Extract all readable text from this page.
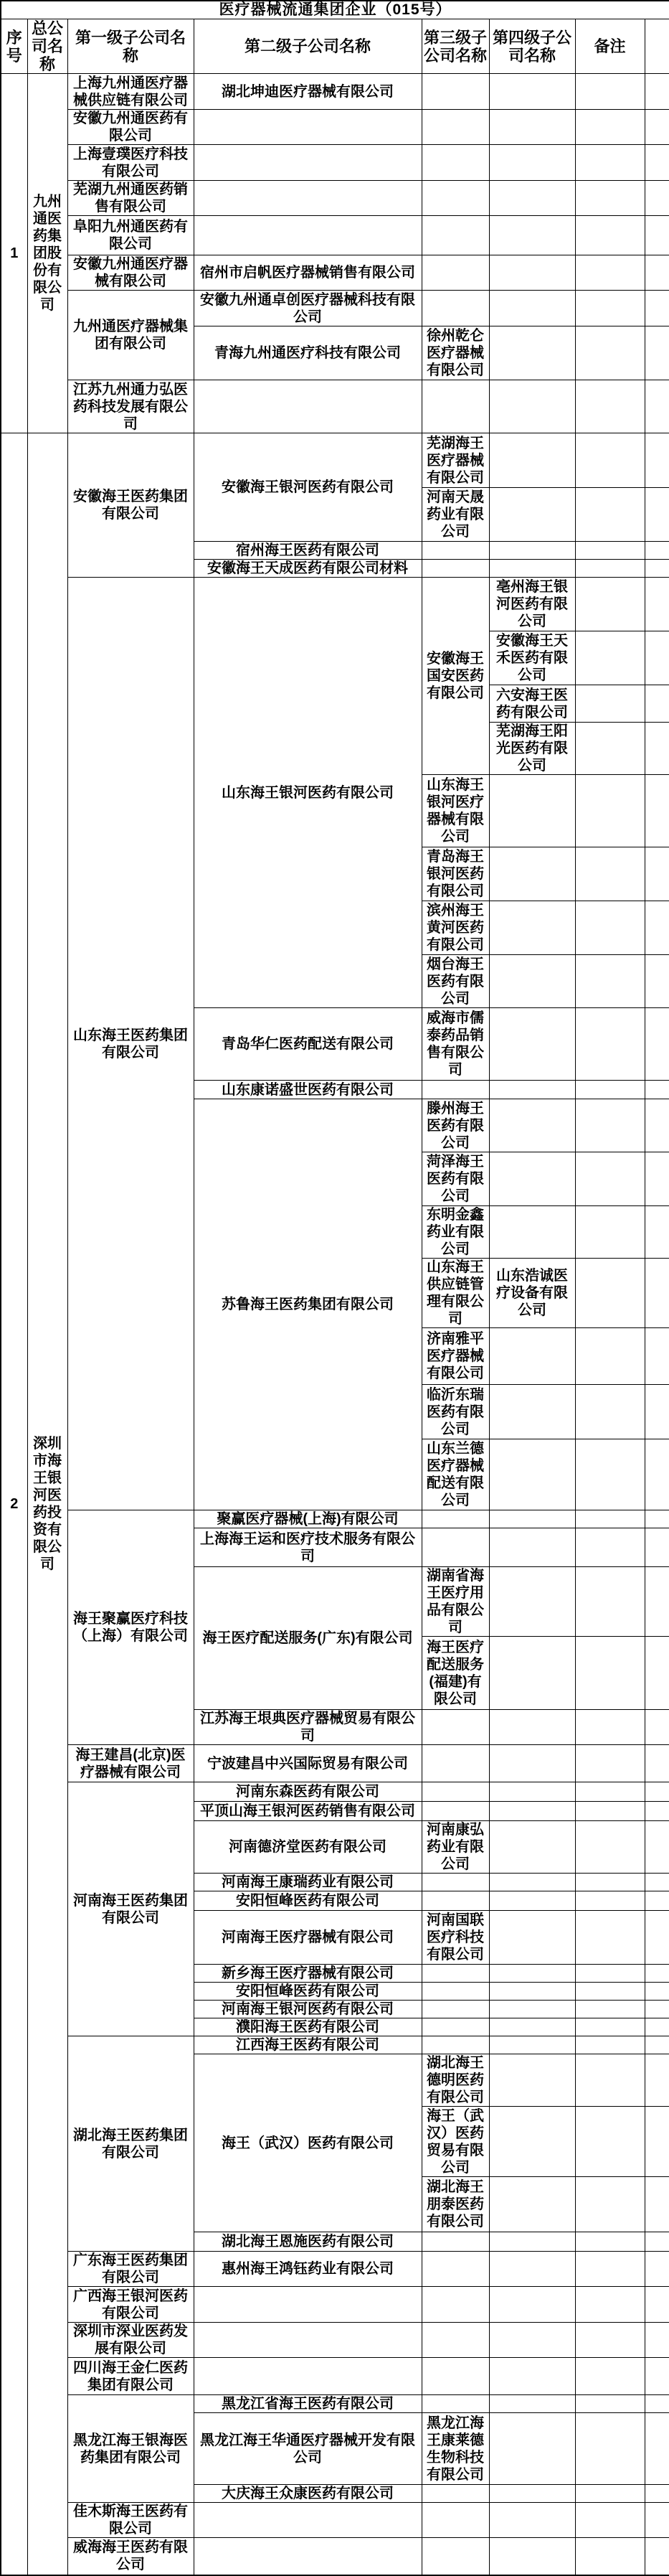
医疗器械流通集团企业（015号）							
序号	总公司名称	第一级子公司名称	第二级子公司名称	第三级子公司名称	第四级子公司名称	备注	
1	九州通医药集团股份有限公司	上海九州通医疗器械供应链有限公司	湖北坤迪医疗器械有限公司				
		安徽九州通医药有限公司					
		上海壹璞医疗科技有限公司					
		芜湖九州通医药销售有限公司					
		阜阳九州通医药有限公司					
		安徽九州通医疗器械有限公司	宿州市启帆医疗器械销售有限公司				
		九州通医疗器械集团有限公司	安徽九州通卓创医疗器械科技有限公司				
			青海九州通医疗科技有限公司	徐州乾仑医疗器械有限公司			
		江苏九州通力弘医药科技发展有限公司					
2	深圳市海王银河医药投资有限公司	安徽海王医药集团有限公司	安徽海王银河医药有限公司	芜湖海王医疗器械有限公司			
				河南天晟药业有限公司			
			宿州海王医药有限公司				
			安徽海王天成医药有限公司材料				
		山东海王医药集团有限公司	山东海王银河医药有限公司	安徽海王国安医药有限公司	亳州海王银河医药有限公司		
					安徽海王天禾医药有限公司		
					六安海王医药有限公司		
					芜湖海王阳光医药有限公司		
				山东海王银河医疗器械有限公司			
				青岛海王银河医药有限公司			
				滨州海王黄河医药有限公司			
				烟台海王医药有限公司			
			青岛华仁医药配送有限公司	威海市儒泰药品销售有限公司			
			山东康诺盛世医药有限公司				
			苏鲁海王医药集团有限公司	滕州海王医药有限公司			
				菏泽海王医药有限公司			
				东明金鑫药业有限公司			
				山东海王供应链管理有限公司	山东浩诚医疗设备有限公司		
				济南雅平医疗器械有限公司			
				临沂东瑞医药有限公司			
				山东兰德医疗器械配送有限公司			
		海王聚赢医疗科技（上海）有限公司	聚赢医疗器械(上海)有限公司				
			上海海王运和医疗技术服务有限公司				
			海王医疗配送服务(广东)有限公司	湖南省海王医疗用品有限公司			
				海王医疗配送服务(福建)有限公司			
			江苏海王垠典医疗器械贸易有限公司				
		海王建昌(北京)医疗器械有限公司	宁波建昌中兴国际贸易有限公司				
		河南海王医药集团有限公司	河南东森医药有限公司				
			平顶山海王银河医药销售有限公司				
			河南德济堂医药有限公司	河南康弘药业有限公司			
			河南海王康瑞药业有限公司				
			安阳恒峰医药有限公司				
			河南海王医疗器械有限公司	河南国联医疗科技有限公司			
			新乡海王医疗器械有限公司				
			安阳恒峰医药有限公司				
			河南海王银河医药有限公司				
			濮阳海王医药有限公司				
		湖北海王医药集团有限公司	江西海王医药有限公司				
			海王（武汉）医药有限公司	湖北海王德明医药有限公司			
				海王（武汉）医药贸易有限公司			
				湖北海王朋泰医药有限公司			
			湖北海王恩施医药有限公司				
		广东海王医药集团有限公司	惠州海王鸿钰药业有限公司				
		广西海王银河医药有限公司					
		深圳市深业医药发展有限公司					
		四川海王金仁医药集团有限公司					
		黑龙江海王银海医药集团有限公司	黑龙江省海王医药有限公司				
			黑龙江海王华通医疗器械开发有限公司	黑龙江海王康莱德生物科技有限公司			
			大庆海王众康医药有限公司				
		佳木斯海王医药有限公司					
		威海海王医药有限公司					
